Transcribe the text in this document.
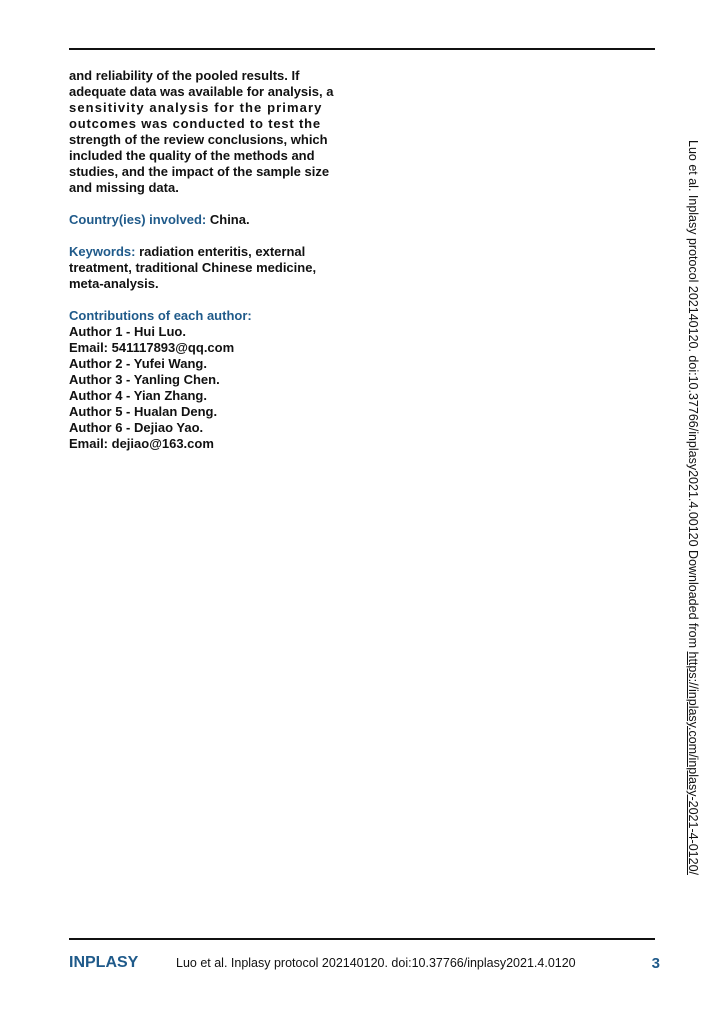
and reliability of the pooled results. If
adequate data was available for analysis, a
sensitivity analysis for the primary
outcomes was conducted to test the
strength of the review conclusions, which
included the quality of the methods and
studies, and the impact of the sample size
and missing data.

Country(ies) involved: China.

Keywords: radiation enteritis, external
treatment, traditional Chinese medicine,
meta-analysis.

Contributions of each author:
Author 1 - Hui Luo.
Email: 541117893@qq.com
Author 2 - Yufei Wang.
Author 3 - Yanling Chen.
Author 4 - Yian Zhang.
Author 5 - Hualan Deng.
Author 6 - Dejiao Yao.
Email: dejiao@163.com	Luo et al. Inplasy protocol 202140120. doi:10.37766/inplasy2021.4.00120 Downloaded from https://inplasy.com/inplasy-2021-4-0120/
INPLASY	Luo et al. Inplasy protocol 202140120. doi:10.37766/inplasy2021.4.0120	3
